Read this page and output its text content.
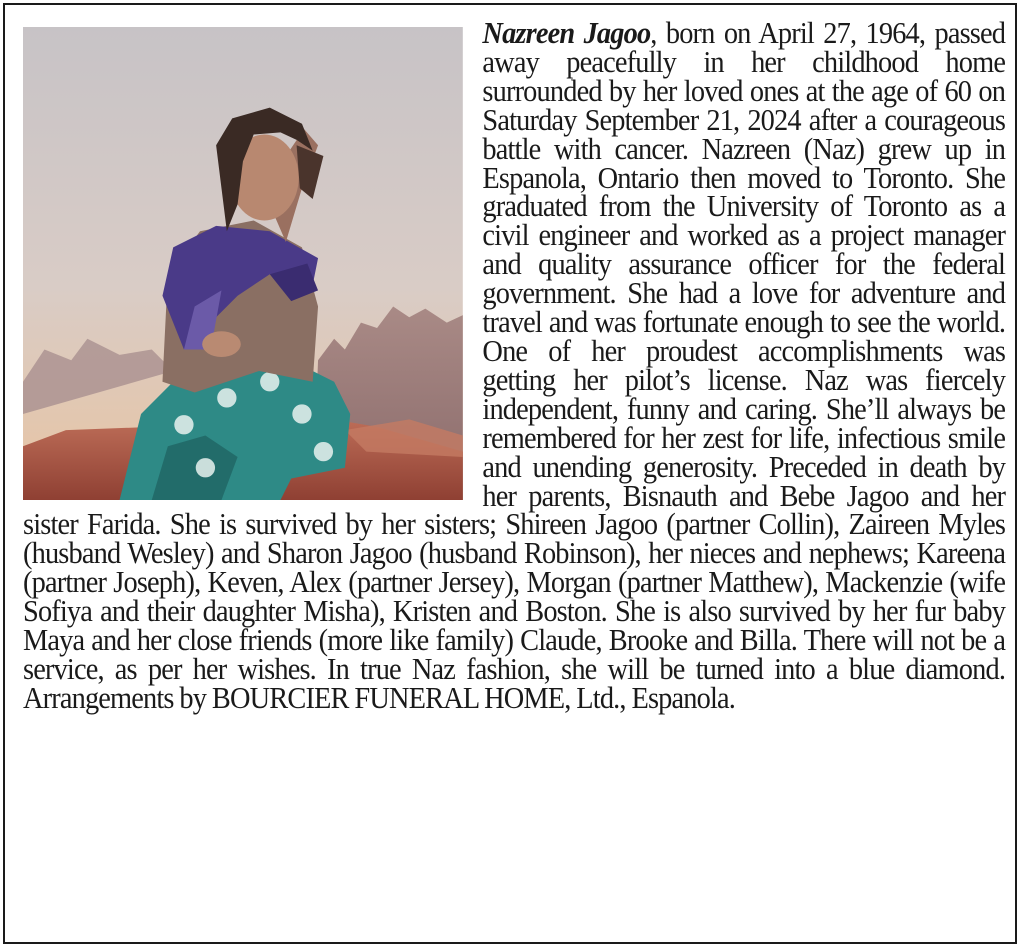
Nazreen Jagoo, born on April 27, 1964, passed away peacefully in her childhood home surrounded by her loved ones at the age of 60 on Saturday September 21, 2024 after a courageous battle with cancer. Nazreen (Naz) grew up in Espanola, Ontario then moved to Toronto. She graduated from the University of Toronto as a civil engineer and worked as a project manager and quality assurance officer for the federal government. She had a love for adventure and travel and was fortunate enough to see the world. One of her proudest accomplishments was getting her pilot’s license. Naz was fiercely independent, funny and caring. She’ll always be remembered for her zest for life, infectious smile and unending generosity. Preceded in death by her parents, Bisnauth and Bebe Jagoo and her sister Farida. She is survived by her sisters; Shireen Jagoo (partner Collin), Zaireen Myles (husband Wesley) and Sharon Jagoo (husband Robinson), her nieces and nephews; Kareena (partner Joseph), Keven, Alex (partner Jersey), Morgan (partner Matthew), Mackenzie (wife Sofiya and their daughter Misha), Kristen and Boston. She is also survived by her fur baby Maya and her close friends (more like family) Claude, Brooke and Billa. There will not be a service, as per her wishes. In true Naz fashion, she will be turned into a blue diamond. Arrangements by BOURCIER FUNERAL HOME, Ltd., Espanola.
